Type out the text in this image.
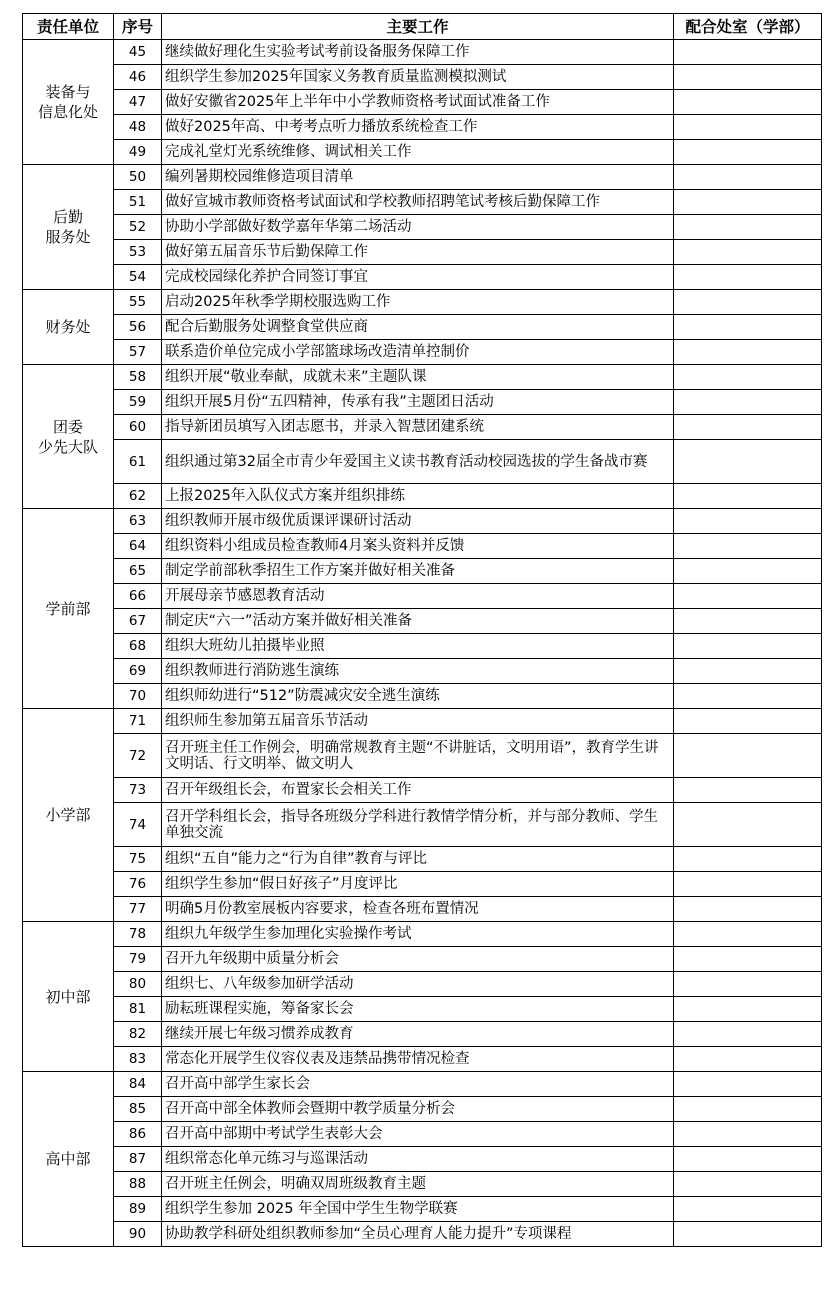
责任单位	序号	主要工作	配合处室（学部）

装备与
信息化处	45	继续做好理化生实验考试考前设备服务保障工作	
	46	组织学生参加2025年国家义务教育质量监测模拟测试	
	47	做好安徽省2025年上半年中小学教师资格考试面试准备工作	
	48	做好2025年高、中考考点听力播放系统检查工作	
	49	完成礼堂灯光系统维修、调试相关工作	

后勤
服务处	50	编列暑期校园维修造项目清单	
	51	做好宣城市教师资格考试面试和学校教师招聘笔试考核后勤保障工作	
	52	协助小学部做好数学嘉年华第二场活动	
	53	做好第五届音乐节后勤保障工作	
	54	完成校园绿化养护合同签订事宜	

财务处	55	启动2025年秋季学期校服选购工作	
	56	配合后勤服务处调整食堂供应商	
	57	联系造价单位完成小学部篮球场改造清单控制价	

团委
少先大队	58	组织开展“敬业奉献，成就未来”主题队课	
	59	组织开展5月份“五四精神，传承有我”主题团日活动	
	60	指导新团员填写入团志愿书，并录入智慧团建系统	
	61	组织通过第32届全市青少年爱国主义读书教育活动校园选拔的学生备战市赛	
	62	上报2025年入队仪式方案并组织排练	

学前部	63	组织教师开展市级优质课评课研讨活动	
	64	组织资料小组成员检查教师4月案头资料并反馈	
	65	制定学前部秋季招生工作方案并做好相关准备	
	66	开展母亲节感恩教育活动	
	67	制定庆“六一”活动方案并做好相关准备	
	68	组织大班幼儿拍摄毕业照	
	69	组织教师进行消防逃生演练	
	70	组织师幼进行“512”防震减灾安全逃生演练	

小学部	71	组织师生参加第五届音乐节活动	
	72	召开班主任工作例会，明确常规教育主题“不讲脏话，文明用语”，教育学生讲文明话、行文明举、做文明人	
	73	召开年级组长会，布置家长会相关工作	
	74	召开学科组长会，指导各班级分学科进行教情学情分析，并与部分教师、学生单独交流	
	75	组织“五自”能力之“行为自律”教育与评比	
	76	组织学生参加“假日好孩子”月度评比	
	77	明确5月份教室展板内容要求，检查各班布置情况	

初中部	78	组织九年级学生参加理化实验操作考试	
	79	召开九年级期中质量分析会	
	80	组织七、八年级参加研学活动	
	81	励耘班课程实施，筹备家长会	
	82	继续开展七年级习惯养成教育	
	83	常态化开展学生仪容仪表及违禁品携带情况检查	

高中部	84	召开高中部学生家长会	
	85	召开高中部全体教师会暨期中教学质量分析会	
	86	召开高中部期中考试学生表彰大会	
	87	组织常态化单元练习与巡课活动	
	88	召开班主任例会，明确双周班级教育主题	
	89	组织学生参加 2025 年全国中学生生物学联赛	
	90	协助教学科研处组织教师参加“全员心理育人能力提升”专项课程	
